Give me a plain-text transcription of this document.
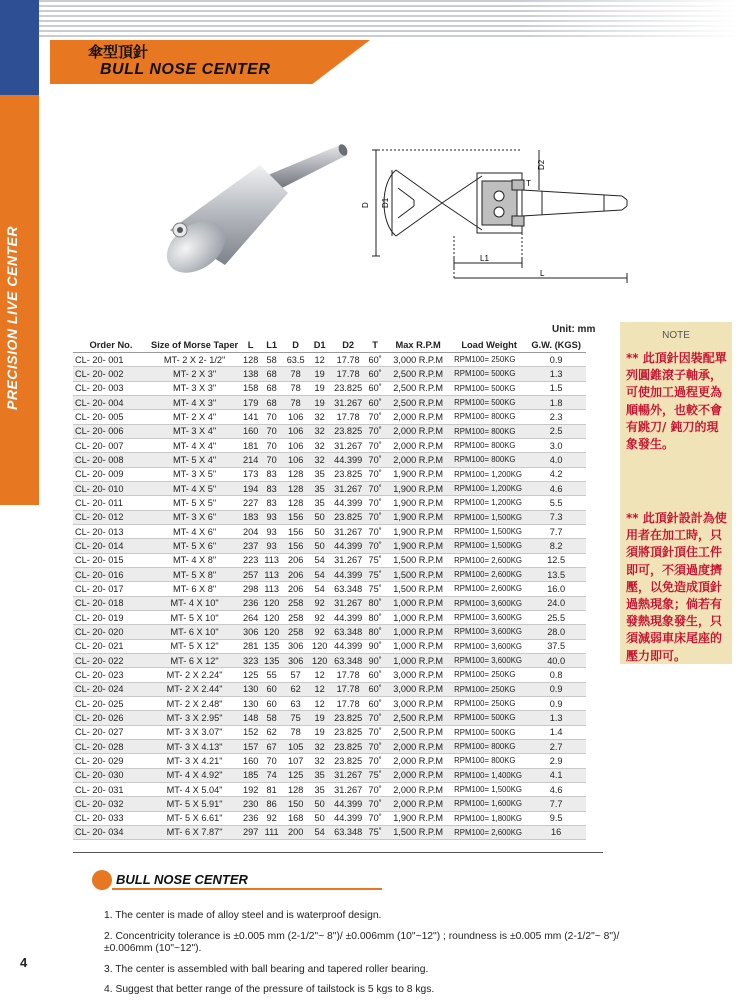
PRECISION LIVE CENTER
傘型頂針
BULL NOSE CENTER
D D1
D2
T
L1
L
Unit: mm
Order No.	Size of Morse Taper	L	L1	D	D1	D2	T	Max R.P.M	Load Weight	G.W. (KGS)
CL- 20- 001	MT- 2 X 2- 1/2"	128	58	63.5	12	17.78	60˚	3,000 R.P.M	RPM100= 250KG	0.9
CL- 20- 002	MT- 2 X 3"	138	68	78	19	17.78	60˚	2,500 R.P.M	RPM100= 500KG	1.3
CL- 20- 003	MT- 3 X 3"	158	68	78	19	23.825	60˚	2,500 R.P.M	RPM100= 500KG	1.5
CL- 20- 004	MT- 4 X 3"	179	68	78	19	31.267	60˚	2,500 R.P.M	RPM100= 500KG	1.8
CL- 20- 005	MT- 2 X 4"	141	70	106	32	17.78	70˚	2,000 R.P.M	RPM100= 800KG	2.3
CL- 20- 006	MT- 3 X 4"	160	70	106	32	23.825	70˚	2,000 R.P.M	RPM100= 800KG	2.5
CL- 20- 007	MT- 4 X 4"	181	70	106	32	31.267	70˚	2,000 R.P.M	RPM100= 800KG	3.0
CL- 20- 008	MT- 5 X 4"	214	70	106	32	44.399	70˚	2,000 R.P.M	RPM100= 800KG	4.0
CL- 20- 009	MT- 3 X 5"	173	83	128	35	23.825	70˚	1,900 R.P.M	RPM100= 1,200KG	4.2
CL- 20- 010	MT- 4 X 5"	194	83	128	35	31.267	70˚	1,900 R.P.M	RPM100= 1,200KG	4.6
CL- 20- 011	MT- 5 X 5"	227	83	128	35	44.399	70˚	1,900 R.P.M	RPM100= 1,200KG	5.5
CL- 20- 012	MT- 3 X 6"	183	93	156	50	23.825	70˚	1,900 R.P.M	RPM100= 1,500KG	7.3
CL- 20- 013	MT- 4 X 6"	204	93	156	50	31.267	70˚	1,900 R.P.M	RPM100= 1,500KG	7.7
CL- 20- 014	MT- 5 X 6"	237	93	156	50	44.399	70˚	1,900 R.P.M	RPM100= 1,500KG	8.2
CL- 20- 015	MT- 4 X 8"	223	113	206	54	31.267	75˚	1,500 R.P.M	RPM100= 2,600KG	12.5
CL- 20- 016	MT- 5 X 8"	257	113	206	54	44.399	75˚	1,500 R.P.M	RPM100= 2,600KG	13.5
CL- 20- 017	MT- 6 X 8"	298	113	206	54	63.348	75˚	1,500 R.P.M	RPM100= 2,600KG	16.0
CL- 20- 018	MT- 4 X 10"	236	120	258	92	31.267	80˚	1,000 R.P.M	RPM100= 3,600KG	24.0
CL- 20- 019	MT- 5 X 10"	264	120	258	92	44.399	80˚	1,000 R.P.M	RPM100= 3,600KG	25.5
CL- 20- 020	MT- 6 X 10"	306	120	258	92	63.348	80˚	1,000 R.P.M	RPM100= 3,600KG	28.0
CL- 20- 021	MT- 5 X 12"	281	135	306	120	44.399	90˚	1,000 R.P.M	RPM100= 3,600KG	37.5
CL- 20- 022	MT- 6 X 12"	323	135	306	120	63.348	90˚	1,000 R.P.M	RPM100= 3,600KG	40.0
CL- 20- 023	MT- 2 X 2.24"	125	55	57	12	17.78	60˚	3,000 R.P.M	RPM100= 250KG	0.8
CL- 20- 024	MT- 2 X 2.44"	130	60	62	12	17.78	60˚	3,000 R.P.M	RPM100= 250KG	0.9
CL- 20- 025	MT- 2 X 2.48"	130	60	63	12	17.78	60˚	3,000 R.P.M	RPM100= 250KG	0.9
CL- 20- 026	MT- 3 X 2.95"	148	58	75	19	23.825	70˚	2,500 R.P.M	RPM100= 500KG	1.3
CL- 20- 027	MT- 3 X 3.07"	152	62	78	19	23.825	70˚	2,500 R.P.M	RPM100= 500KG	1.4
CL- 20- 028	MT- 3 X 4.13"	157	67	105	32	23.825	70˚	2,000 R.P.M	RPM100= 800KG	2.7
CL- 20- 029	MT- 3 X 4.21"	160	70	107	32	23.825	70˚	2,000 R.P.M	RPM100= 800KG	2.9
CL- 20- 030	MT- 4 X 4.92"	185	74	125	35	31.267	75˚	2,000 R.P.M	RPM100= 1,400KG	4.1
CL- 20- 031	MT- 4 X 5.04"	192	81	128	35	31.267	70˚	2,000 R.P.M	RPM100= 1,500KG	4.6
CL- 20- 032	MT- 5 X 5.91"	230	86	150	50	44.399	70˚	2,000 R.P.M	RPM100= 1,600KG	7.7
CL- 20- 033	MT- 5 X 6.61"	236	92	168	50	44.399	70˚	1,900 R.P.M	RPM100= 1,800KG	9.5
CL- 20- 034	MT- 6 X 7.87"	297	111	200	54	63.348	75˚	1,500 R.P.M	RPM100= 2,600KG	16
NOTE
** 此頂針因裝配單列圓錐滾子軸承，可使加工過程更為順暢外，也較不會有跳刀/ 鈍刀的現象發生。
** 此頂針設計為使用者在加工時，只須將頂針頂住工件即可，不須過度擠壓，以免造成頂針過熱現象；倘若有發熱現象發生，只須減弱車床尾座的壓力即可。
BULL NOSE CENTER
1. The center is made of alloy steel and is waterproof design.
2. Concentricity tolerance is ±0.005 mm (2-1/2"~ 8")/ ±0.006mm (10"~12") ; roundness is ±0.005 mm (2-1/2"~ 8")/ ±0.006mm (10"~12").
3. The center is assembled with ball bearing and tapered roller bearing.
4. Suggest that better range of the pressure of tailstock is 5 kgs to 8 kgs.
4
